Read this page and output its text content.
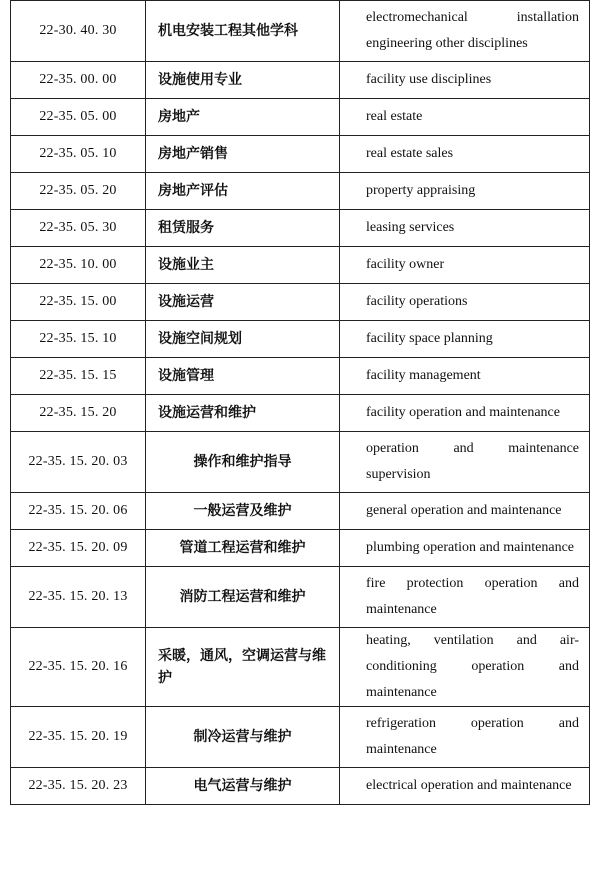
22-30. 40. 30	机电安装工程其他学科	electromechanical installation engineering other disciplines
22-35. 00. 00	设施使用专业	facility use disciplines
22-35. 05. 00	房地产	real estate
22-35. 05. 10	房地产销售	real estate sales
22-35. 05. 20	房地产评估	property appraising
22-35. 05. 30	租赁服务	leasing services
22-35. 10. 00	设施业主	facility owner
22-35. 15. 00	设施运营	facility operations
22-35. 15. 10	设施空间规划	facility space planning
22-35. 15. 15	设施管理	facility management
22-35. 15. 20	设施运营和维护	facility operation and maintenance
22-35. 15. 20. 03	操作和维护指导	operation and maintenance supervision
22-35. 15. 20. 06	一般运营及维护	general operation and maintenance
22-35. 15. 20. 09	管道工程运营和维护	plumbing operation and maintenance
22-35. 15. 20. 13	消防工程运营和维护	fire protection operation and maintenance
22-35. 15. 20. 16	采暖，通风，空调运营与维护	heating, ventilation and air-conditioning operation and maintenance
22-35. 15. 20. 19	制冷运营与维护	refrigeration operation and maintenance
22-35. 15. 20. 23	电气运营与维护	electrical operation and maintenance
